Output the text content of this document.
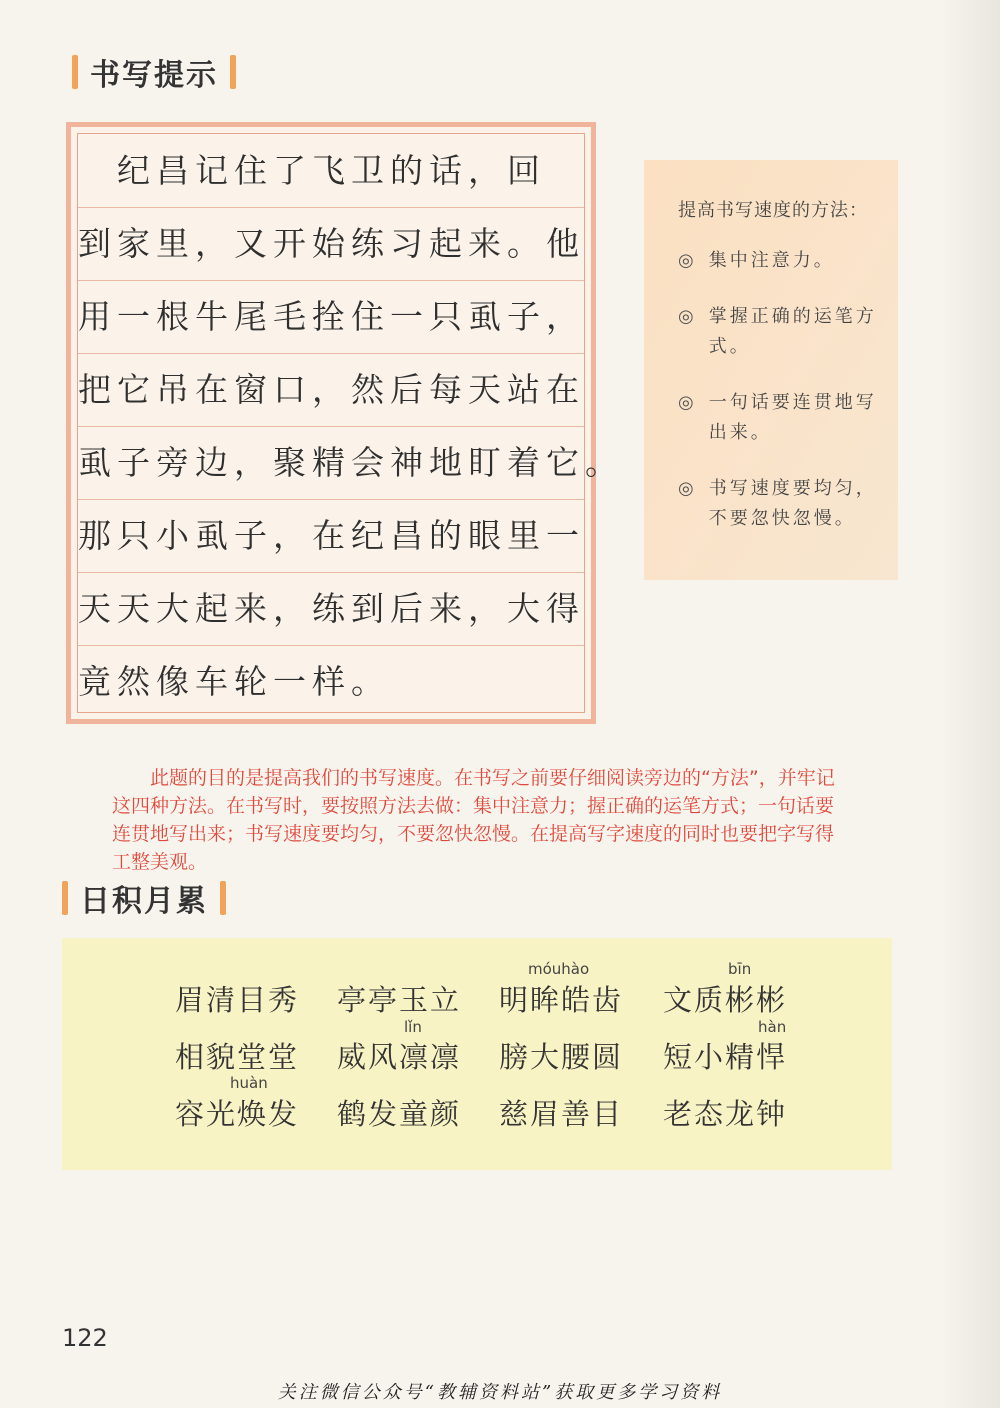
书写提示
　纪昌记住了飞卫的话，回
到家里，又开始练习起来。他
用一根牛尾毛拴住一只虱子，
把它吊在窗口，然后每天站在
虱子旁边，聚精会神地盯着它。
那只小虱子，在纪昌的眼里一
天天大起来，练到后来，大得
竟然像车轮一样。
提高书写速度的方法：
◎ 集中注意力。
◎ 掌握正确的运笔方式。
◎ 一句话要连贯地写出来。
◎ 书写速度要均匀，不要忽快忽慢。
　　此题的目的是提高我们的书写速度。在书写之前要仔细阅读旁边的“方法”，并牢记这四种方法。在书写时，要按照方法去做：集中注意力；握正确的运笔方式；一句话要连贯地写出来；书写速度要均匀，不要忽快忽慢。在提高写字速度的同时也要把字写得工整美观。
日积月累
móuhào	bīn
眉清目秀	亭亭玉立	明眸皓齿	文质彬彬
lǐn	hàn
相貌堂堂	威风凛凛	膀大腰圆	短小精悍
huàn
容光焕发	鹤发童颜	慈眉善目	老态龙钟
122
关注微信公众号“教辅资料站”获取更多学习资料
